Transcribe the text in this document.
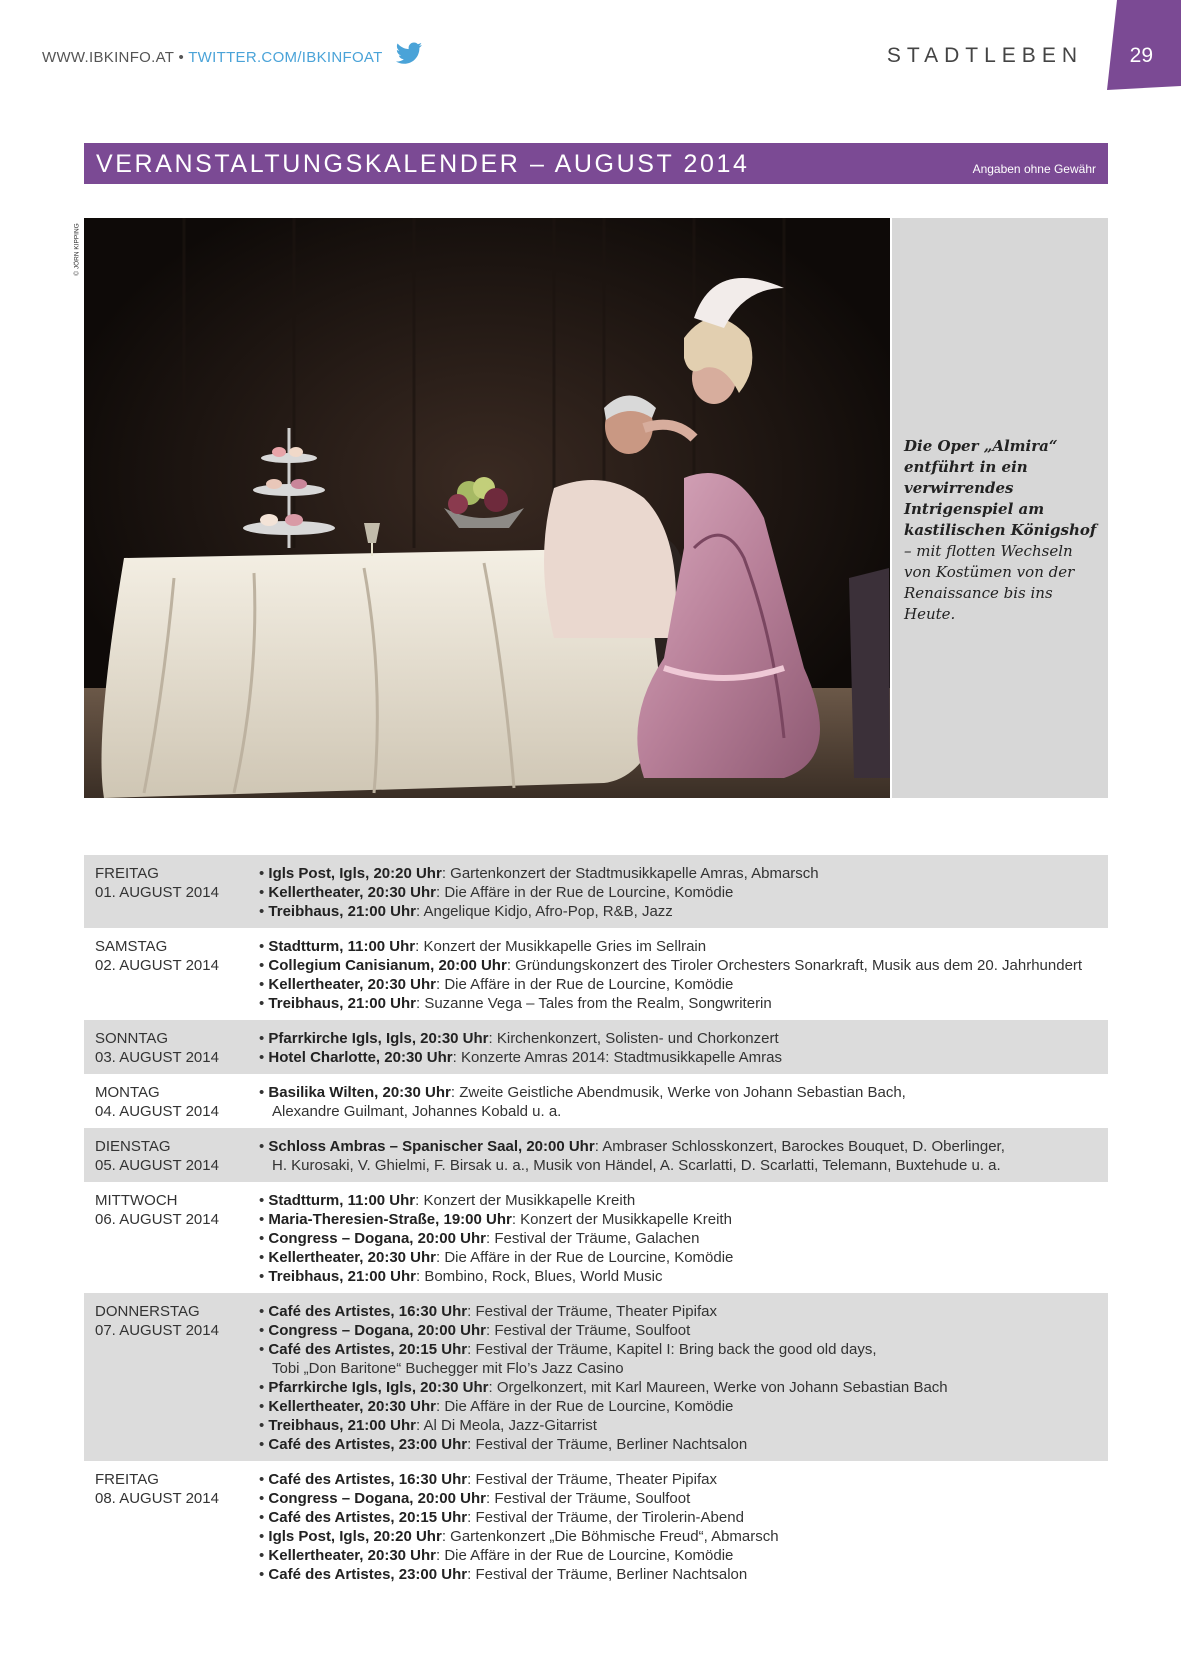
WWW.IBKINFO.AT • TWITTER.COM/IBKINFOAT	STADTLEBEN 29
VERANSTALTUNGSKALENDER – AUGUST 2014	Angaben ohne Gewähr
© JÖRN KIPPING
Die Oper „Almira“ entführt in ein verwirrendes Intrigenspiel am kastilischen Königshof – mit flotten Wechseln von Kostümen von der Renaissance bis ins Heute.
FREITAG
01. AUGUST 2014
• Igls Post, Igls, 20:20 Uhr: Gartenkonzert der Stadtmusikkapelle Amras, Abmarsch
• Kellertheater, 20:30 Uhr: Die Affäre in der Rue de Lourcine, Komödie
• Treibhaus, 21:00 Uhr: Angelique Kidjo, Afro-Pop, R&B, Jazz
SAMSTAG
02. AUGUST 2014
• Stadtturm, 11:00 Uhr: Konzert der Musikkapelle Gries im Sellrain
• Collegium Canisianum, 20:00 Uhr: Gründungskonzert des Tiroler Orchesters Sonarkraft, Musik aus dem 20. Jahrhundert
• Kellertheater, 20:30 Uhr: Die Affäre in der Rue de Lourcine, Komödie
• Treibhaus, 21:00 Uhr: Suzanne Vega – Tales from the Realm, Songwriterin
SONNTAG
03. AUGUST 2014
• Pfarrkirche Igls, Igls, 20:30 Uhr: Kirchenkonzert, Solisten- und Chorkonzert
• Hotel Charlotte, 20:30 Uhr: Konzerte Amras 2014: Stadtmusikkapelle Amras
MONTAG
04. AUGUST 2014
• Basilika Wilten, 20:30 Uhr: Zweite Geistliche Abendmusik, Werke von Johann Sebastian Bach, Alexandre Guilmant, Johannes Kobald u. a.
DIENSTAG
05. AUGUST 2014
• Schloss Ambras – Spanischer Saal, 20:00 Uhr: Ambraser Schlosskonzert, Barockes Bouquet, D. Oberlinger, H. Kurosaki, V. Ghielmi, F. Birsak u. a., Musik von Händel, A. Scarlatti, D. Scarlatti, Telemann, Buxtehude u. a.
MITTWOCH
06. AUGUST 2014
• Stadtturm, 11:00 Uhr: Konzert der Musikkapelle Kreith
• Maria-Theresien-Straße, 19:00 Uhr: Konzert der Musikkapelle Kreith
• Congress – Dogana, 20:00 Uhr: Festival der Träume, Galachen
• Kellertheater, 20:30 Uhr: Die Affäre in der Rue de Lourcine, Komödie
• Treibhaus, 21:00 Uhr: Bombino, Rock, Blues, World Music
DONNERSTAG
07. AUGUST 2014
• Café des Artistes, 16:30 Uhr: Festival der Träume, Theater Pipifax
• Congress – Dogana, 20:00 Uhr: Festival der Träume, Soulfoot
• Café des Artistes, 20:15 Uhr: Festival der Träume, Kapitel I: Bring back the good old days, Tobi „Don Baritone“ Buchegger mit Flo’s Jazz Casino
• Pfarrkirche Igls, Igls, 20:30 Uhr: Orgelkonzert, mit Karl Maureen, Werke von Johann Sebastian Bach
• Kellertheater, 20:30 Uhr: Die Affäre in der Rue de Lourcine, Komödie
• Treibhaus, 21:00 Uhr: Al Di Meola, Jazz-Gitarrist
• Café des Artistes, 23:00 Uhr: Festival der Träume, Berliner Nachtsalon
FREITAG
08. AUGUST 2014
• Café des Artistes, 16:30 Uhr: Festival der Träume, Theater Pipifax
• Congress – Dogana, 20:00 Uhr: Festival der Träume, Soulfoot
• Café des Artistes, 20:15 Uhr: Festival der Träume, der Tirolerin-Abend
• Igls Post, Igls, 20:20 Uhr: Gartenkonzert „Die Böhmische Freud“, Abmarsch
• Kellertheater, 20:30 Uhr: Die Affäre in der Rue de Lourcine, Komödie
• Café des Artistes, 23:00 Uhr: Festival der Träume, Berliner Nachtsalon
